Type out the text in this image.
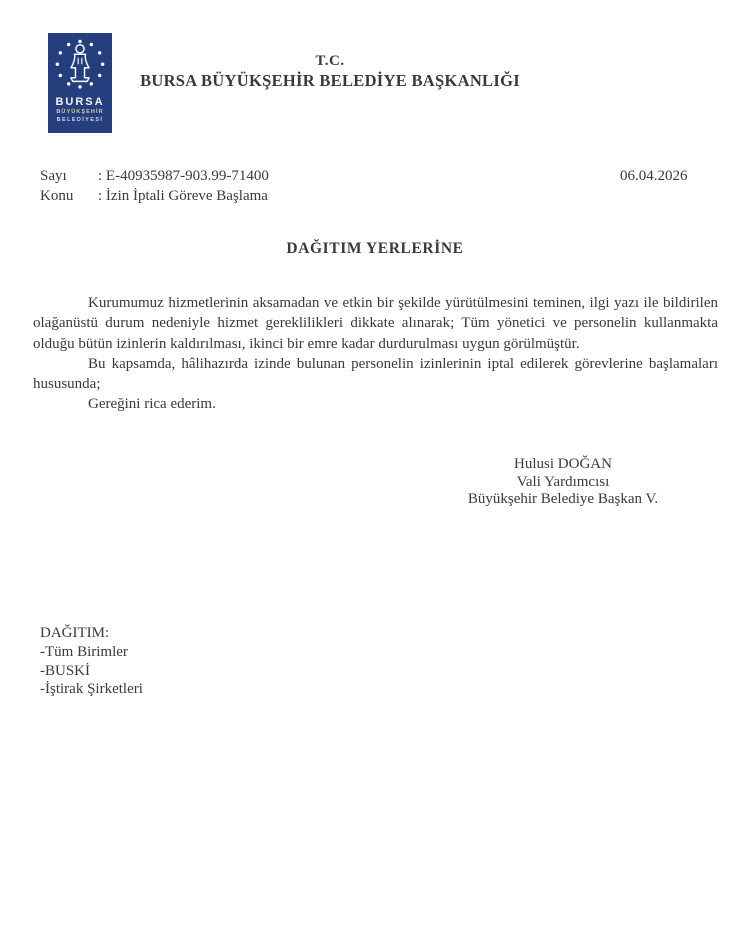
BURSA
BÜYÜKŞEHİR
BELEDİYESİ
T.C.
BURSA BÜYÜKŞEHİR BELEDİYE BAŞKANLIĞI
Sayı : E-40935987-903.99-71400
Konu : İzin İptali Göreve Başlama
06.04.2026
DAĞITIM YERLERİNE

Kurumumuz hizmetlerinin aksamadan ve etkin bir şekilde yürütülmesini teminen, ilgi yazı ile bildirilen olağanüstü durum nedeniyle hizmet gereklilikleri dikkate alınarak; Tüm yönetici ve personelin kullanmakta olduğu bütün izinlerin kaldırılması, ikinci bir emre kadar durdurulması uygun görülmüştür.

Bu kapsamda, hâlihazırda izinde bulunan personelin izinlerinin iptal edilerek görevlerine başlamaları hususunda;

Gereğini rica ederim.

Hulusi DOĞAN
Vali Yardımcısı
Büyükşehir Belediye Başkan V.
DAĞITIM:
-Tüm Birimler
-BUSKİ
-İştirak Şirketleri
